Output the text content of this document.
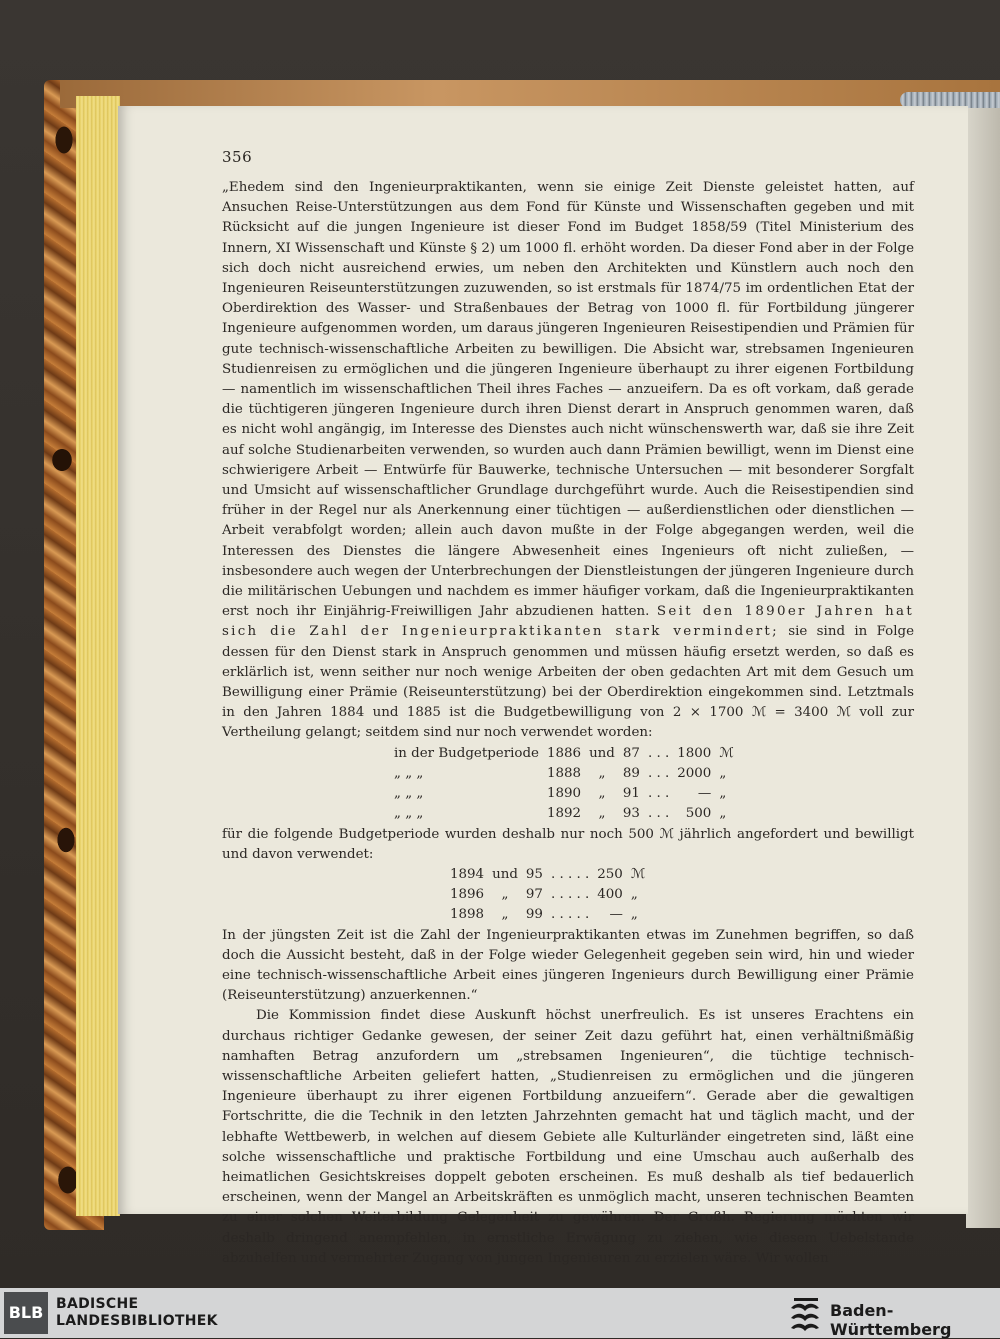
356

„Ehedem sind den Ingenieurpraktikanten, wenn sie einige Zeit Dienste geleistet hatten, auf Ansuchen Reise-Unterstützungen aus dem Fond für Künste und Wissenschaften gegeben und mit Rücksicht auf die jungen Ingenieure ist dieser Fond im Budget 1858/59 (Titel Ministerium des Innern, XI Wissenschaft und Künste § 2) um 1000 fl. erhöht worden. Da dieser Fond aber in der Folge sich doch nicht ausreichend erwies, um neben den Architekten und Künstlern auch noch den Ingenieuren Reiseunterstützungen zuzuwenden, so ist erstmals für 1874/75 im ordentlichen Etat der Oberdirektion des Wasser- und Straßenbaues der Betrag von 1000 fl. für Fortbildung jüngerer Ingenieure aufgenommen worden, um daraus jüngeren Ingenieuren Reisestipendien und Prämien für gute technisch-wissenschaftliche Arbeiten zu bewilligen. Die Absicht war, strebsamen Ingenieuren Studienreisen zu ermöglichen und die jüngeren Ingenieure überhaupt zu ihrer eigenen Fortbildung — namentlich im wissenschaftlichen Theil ihres Faches — anzueifern. Da es oft vorkam, daß gerade die tüchtigeren jüngeren Ingenieure durch ihren Dienst derart in Anspruch genommen waren, daß es nicht wohl angängig, im Interesse des Dienstes auch nicht wünschenswerth war, daß sie ihre Zeit auf solche Studienarbeiten verwenden, so wurden auch dann Prämien bewilligt, wenn im Dienst eine schwierigere Arbeit — Entwürfe für Bauwerke, technische Untersuchen — mit besonderer Sorgfalt und Umsicht auf wissenschaftlicher Grundlage durchgeführt wurde. Auch die Reisestipendien sind früher in der Regel nur als Anerkennung einer tüchtigen — außerdienstlichen oder dienstlichen — Arbeit verabfolgt worden; allein auch davon mußte in der Folge abgegangen werden, weil die Interessen des Dienstes die längere Abwesenheit eines Ingenieurs oft nicht zuließen, — insbesondere auch wegen der Unterbrechungen der Dienstleistungen der jüngeren Ingenieure durch die militärischen Uebungen und nachdem es immer häufiger vorkam, daß die Ingenieurpraktikanten erst noch ihr Einjährig-Freiwilligen Jahr abzudienen hatten. Seit den 1890er Jahren hat sich die Zahl der Ingenieurpraktikanten stark vermindert; sie sind in Folge dessen für den Dienst stark in Anspruch genommen und müssen häufig ersetzt werden, so daß es erklärlich ist, wenn seither nur noch wenige Arbeiten der oben gedachten Art mit dem Gesuch um Bewilligung einer Prämie (Reiseunterstützung) bei der Oberdirektion eingekommen sind. Letztmals in den Jahren 1884 und 1885 ist die Budgetbewilligung von 2 × 1700 ℳ = 3400 ℳ voll zur Vertheilung gelangt; seitdem sind nur noch verwendet worden:

in der Budgetperiode	1886	und	87	. . .	1800	ℳ
„ „ „	1888	„	89	. . .	2000	„
„ „ „	1890	„	91	. . .	—	„
„ „ „	1892	„	93	. . .	500	„

für die folgende Budgetperiode wurden deshalb nur noch 500 ℳ jährlich angefordert und bewilligt und davon verwendet:

1894	und	95	. . . . .	250	ℳ
1896	„	97	. . . . .	400	„
1898	„	99	. . . . .	—	„

In der jüngsten Zeit ist die Zahl der Ingenieurpraktikanten etwas im Zunehmen begriffen, so daß doch die Aussicht besteht, daß in der Folge wieder Gelegenheit gegeben sein wird, hin und wieder eine technisch-wissenschaftliche Arbeit eines jüngeren Ingenieurs durch Bewilligung einer Prämie (Reiseunterstützung) anzuerkennen.“

Die Kommission findet diese Auskunft höchst unerfreulich. Es ist unseres Erachtens ein durchaus richtiger Gedanke gewesen, der seiner Zeit dazu geführt hat, einen verhältnißmäßig namhaften Betrag anzufordern um „strebsamen Ingenieuren“, die tüchtige technisch-wissenschaftliche Arbeiten geliefert hatten, „Studienreisen zu ermöglichen und die jüngeren Ingenieure überhaupt zu ihrer eigenen Fortbildung anzueifern“. Gerade aber die gewaltigen Fortschritte, die die Technik in den letzten Jahrzehnten gemacht hat und täglich macht, und der lebhafte Wettbewerb, in welchen auf diesem Gebiete alle Kulturländer eingetreten sind, läßt eine solche wissenschaftliche und praktische Fortbildung und eine Umschau auch außerhalb des heimatlichen Gesichtskreises doppelt geboten erscheinen. Es muß deshalb als tief bedauerlich erscheinen, wenn der Mangel an Arbeitskräften es unmöglich macht, unseren technischen Beamten zu einer solchen Weiterbildung Gelegenheit zu gewähren. Der Großh. Regierung möchten wir deshalb dringend anempfehlen, in ernstliche Erwägung zu ziehen, wie diesem Uebelstande abzuhelfen und vermehrter Zugang von jungen Ingenieuren zu erzielen wäre. Wir wollen

BLB BADISCHE
LANDESBIBLIOTHEK
Baden-Württemberg
